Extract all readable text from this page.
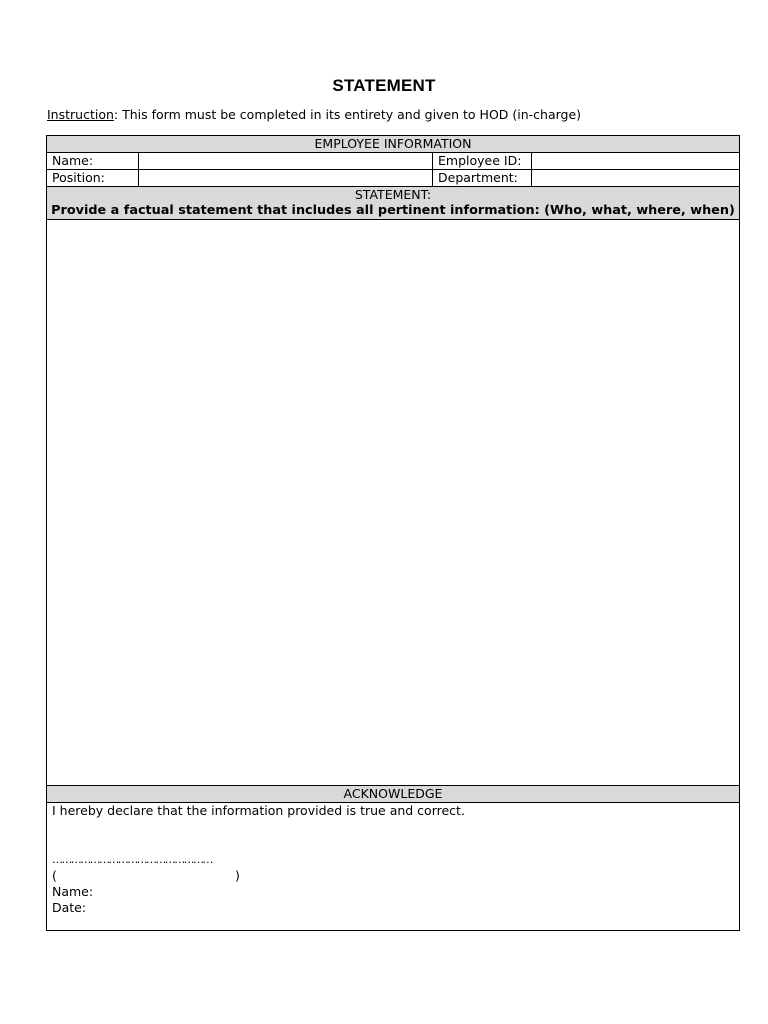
STATEMENT
Instruction: This form must be completed in its entirety and given to HOD (in-charge)
EMPLOYEE INFORMATION
Name:	Employee ID:
Position:	Department:
STATEMENT:
Provide a factual statement that includes all pertinent information: (Who, what, where, when)
ACKNOWLEDGE
I hereby declare that the information provided is true and correct.
……………………………………………
(	)
Name:
Date:
